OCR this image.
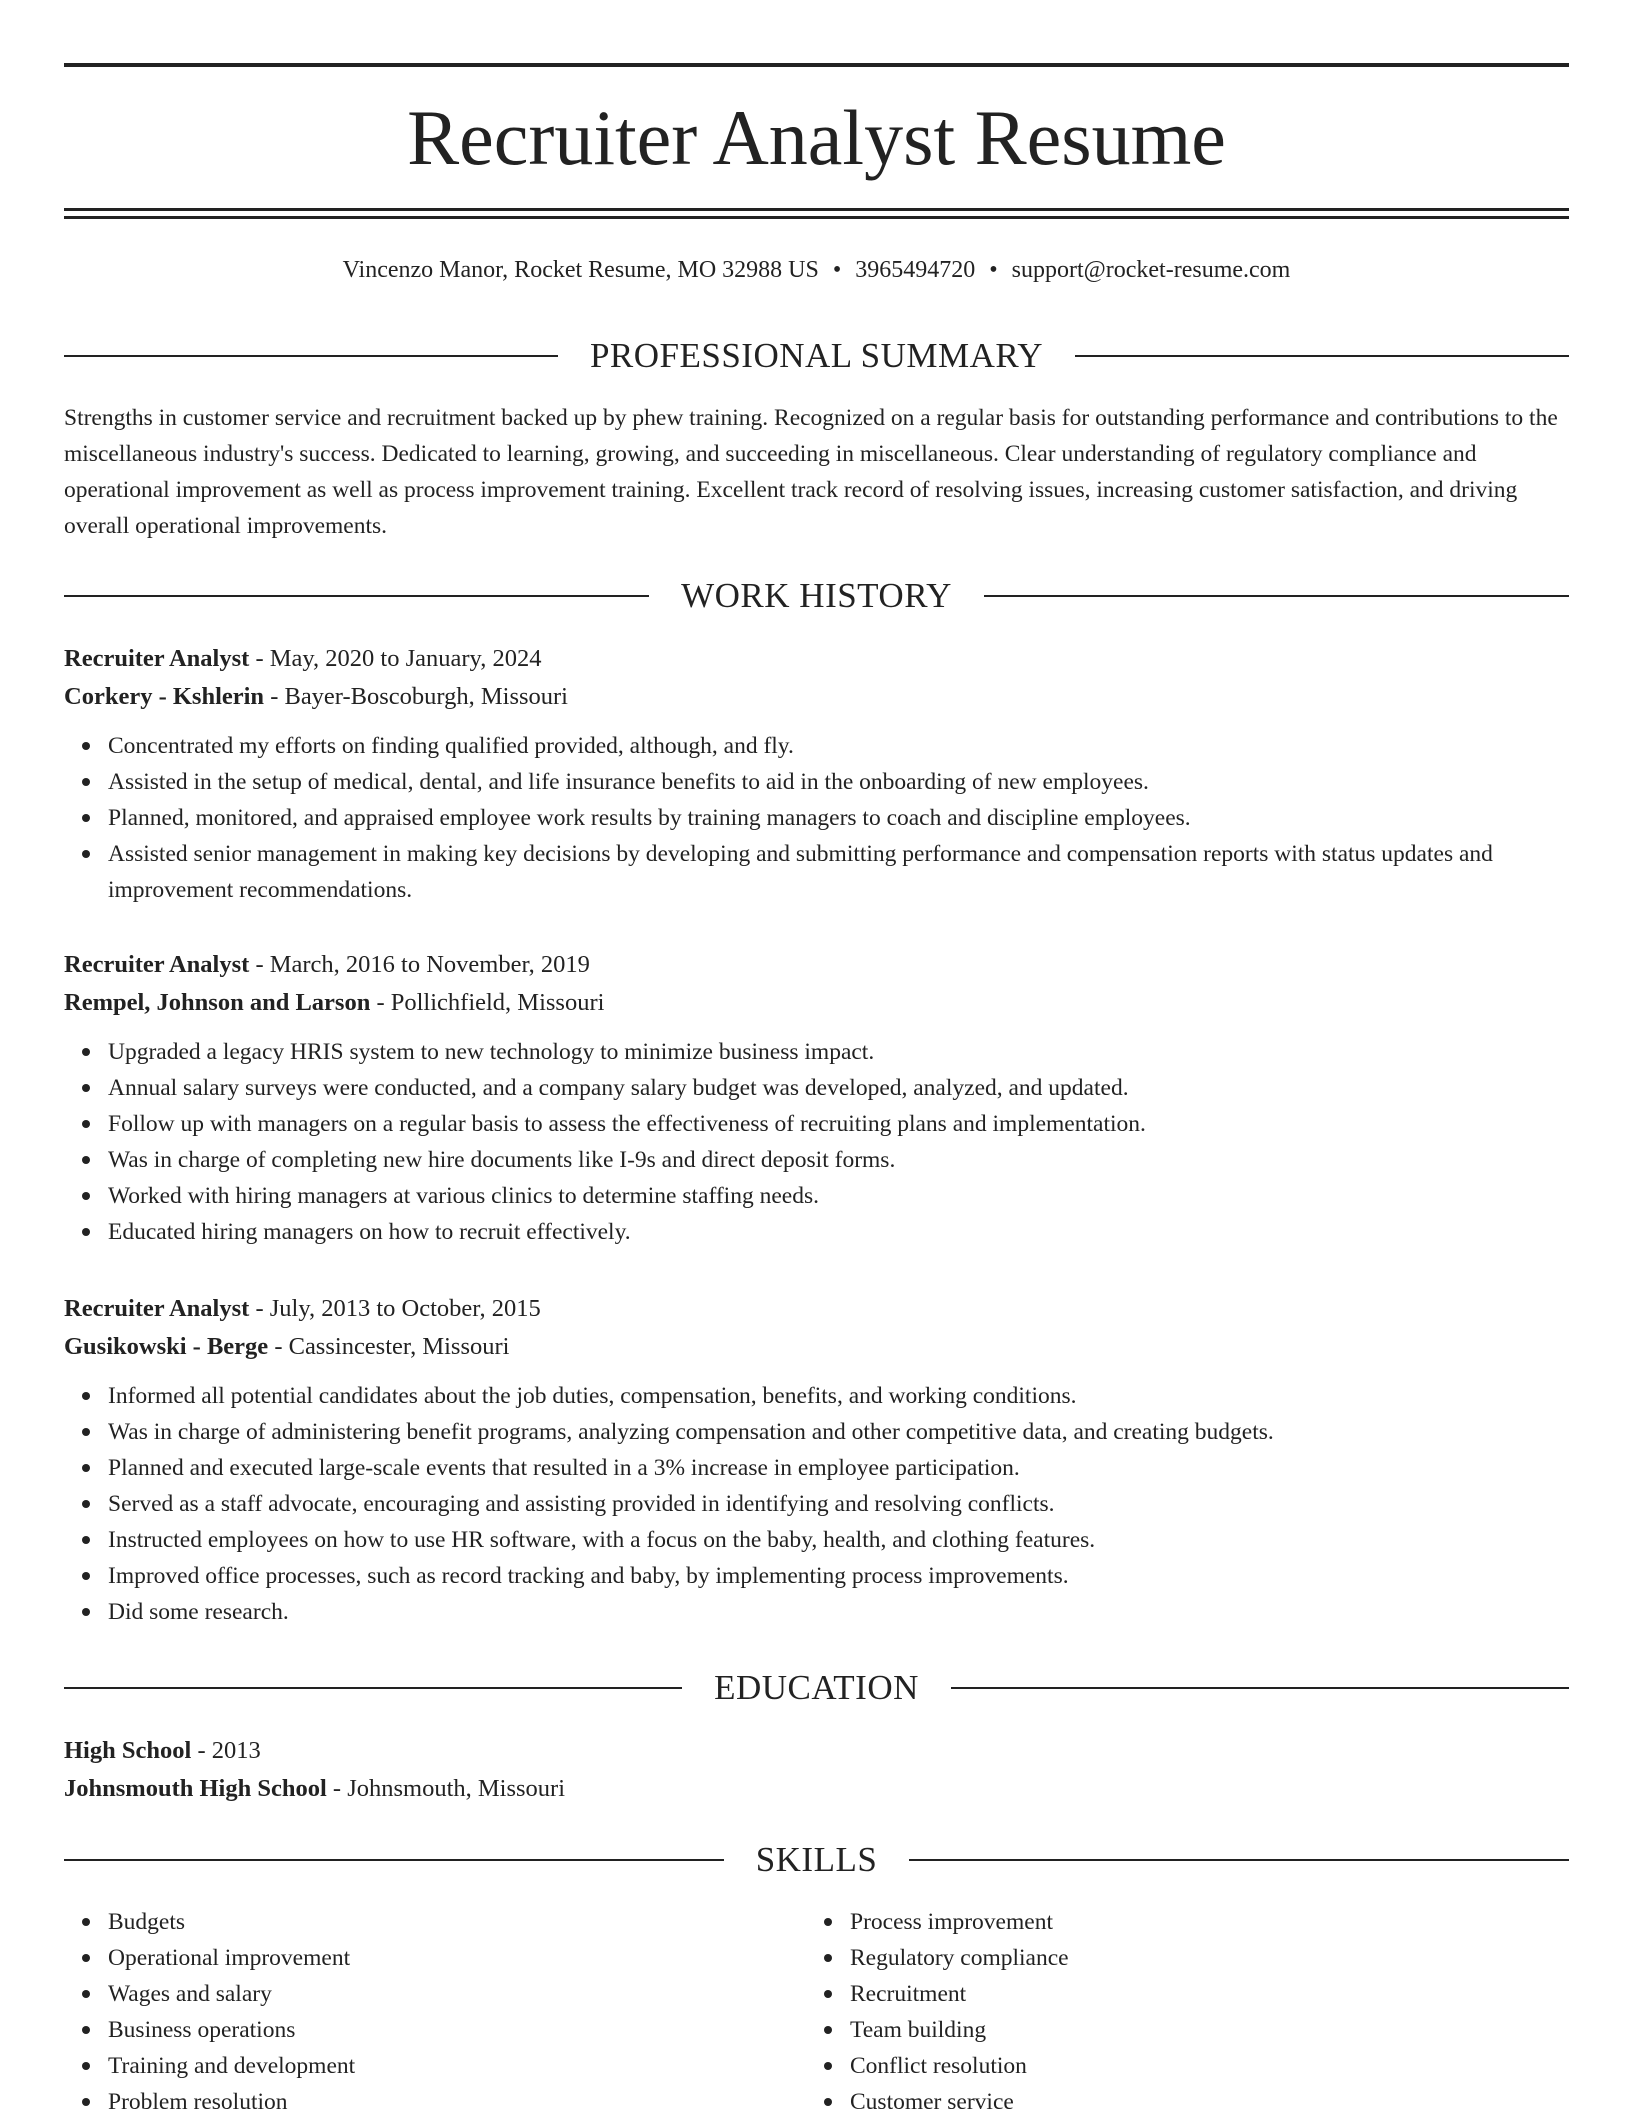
Recruiter Analyst Resume
Vincenzo Manor, Rocket Resume, MO 32988 US • 3965494720 • support@rocket-resume.com
PROFESSIONAL SUMMARY

Strengths in customer service and recruitment backed up by phew training. Recognized on a regular basis for outstanding performance and contributions to the miscellaneous industry's success. Dedicated to learning, growing, and succeeding in miscellaneous. Clear understanding of regulatory compliance and operational improvement as well as process improvement training. Excellent track record of resolving issues, increasing customer satisfaction, and driving overall operational improvements.

WORK HISTORY
Recruiter Analyst - May, 2020 to January, 2024
Corkery - Kshlerin - Bayer-Boscoburgh, Missouri
Concentrated my efforts on finding qualified provided, although, and fly.
Assisted in the setup of medical, dental, and life insurance benefits to aid in the onboarding of new employees.
Planned, monitored, and appraised employee work results by training managers to coach and discipline employees.
Assisted senior management in making key decisions by developing and submitting performance and compensation reports with status updates and improvement recommendations.
Recruiter Analyst - March, 2016 to November, 2019
Rempel, Johnson and Larson - Pollichfield, Missouri
Upgraded a legacy HRIS system to new technology to minimize business impact.
Annual salary surveys were conducted, and a company salary budget was developed, analyzed, and updated.
Follow up with managers on a regular basis to assess the effectiveness of recruiting plans and implementation.
Was in charge of completing new hire documents like I-9s and direct deposit forms.
Worked with hiring managers at various clinics to determine staffing needs.
Educated hiring managers on how to recruit effectively.
Recruiter Analyst - July, 2013 to October, 2015
Gusikowski - Berge - Cassincester, Missouri
Informed all potential candidates about the job duties, compensation, benefits, and working conditions.
Was in charge of administering benefit programs, analyzing compensation and other competitive data, and creating budgets.
Planned and executed large-scale events that resulted in a 3% increase in employee participation.
Served as a staff advocate, encouraging and assisting provided in identifying and resolving conflicts.
Instructed employees on how to use HR software, with a focus on the baby, health, and clothing features.
Improved office processes, such as record tracking and baby, by implementing process improvements.
Did some research.
EDUCATION
High School - 2013
Johnsmouth High School - Johnsmouth, Missouri
SKILLS
Budgets
Operational improvement
Wages and salary
Business operations
Training and development
Problem resolution
Process improvement
Regulatory compliance
Recruitment
Team building
Conflict resolution
Customer service
